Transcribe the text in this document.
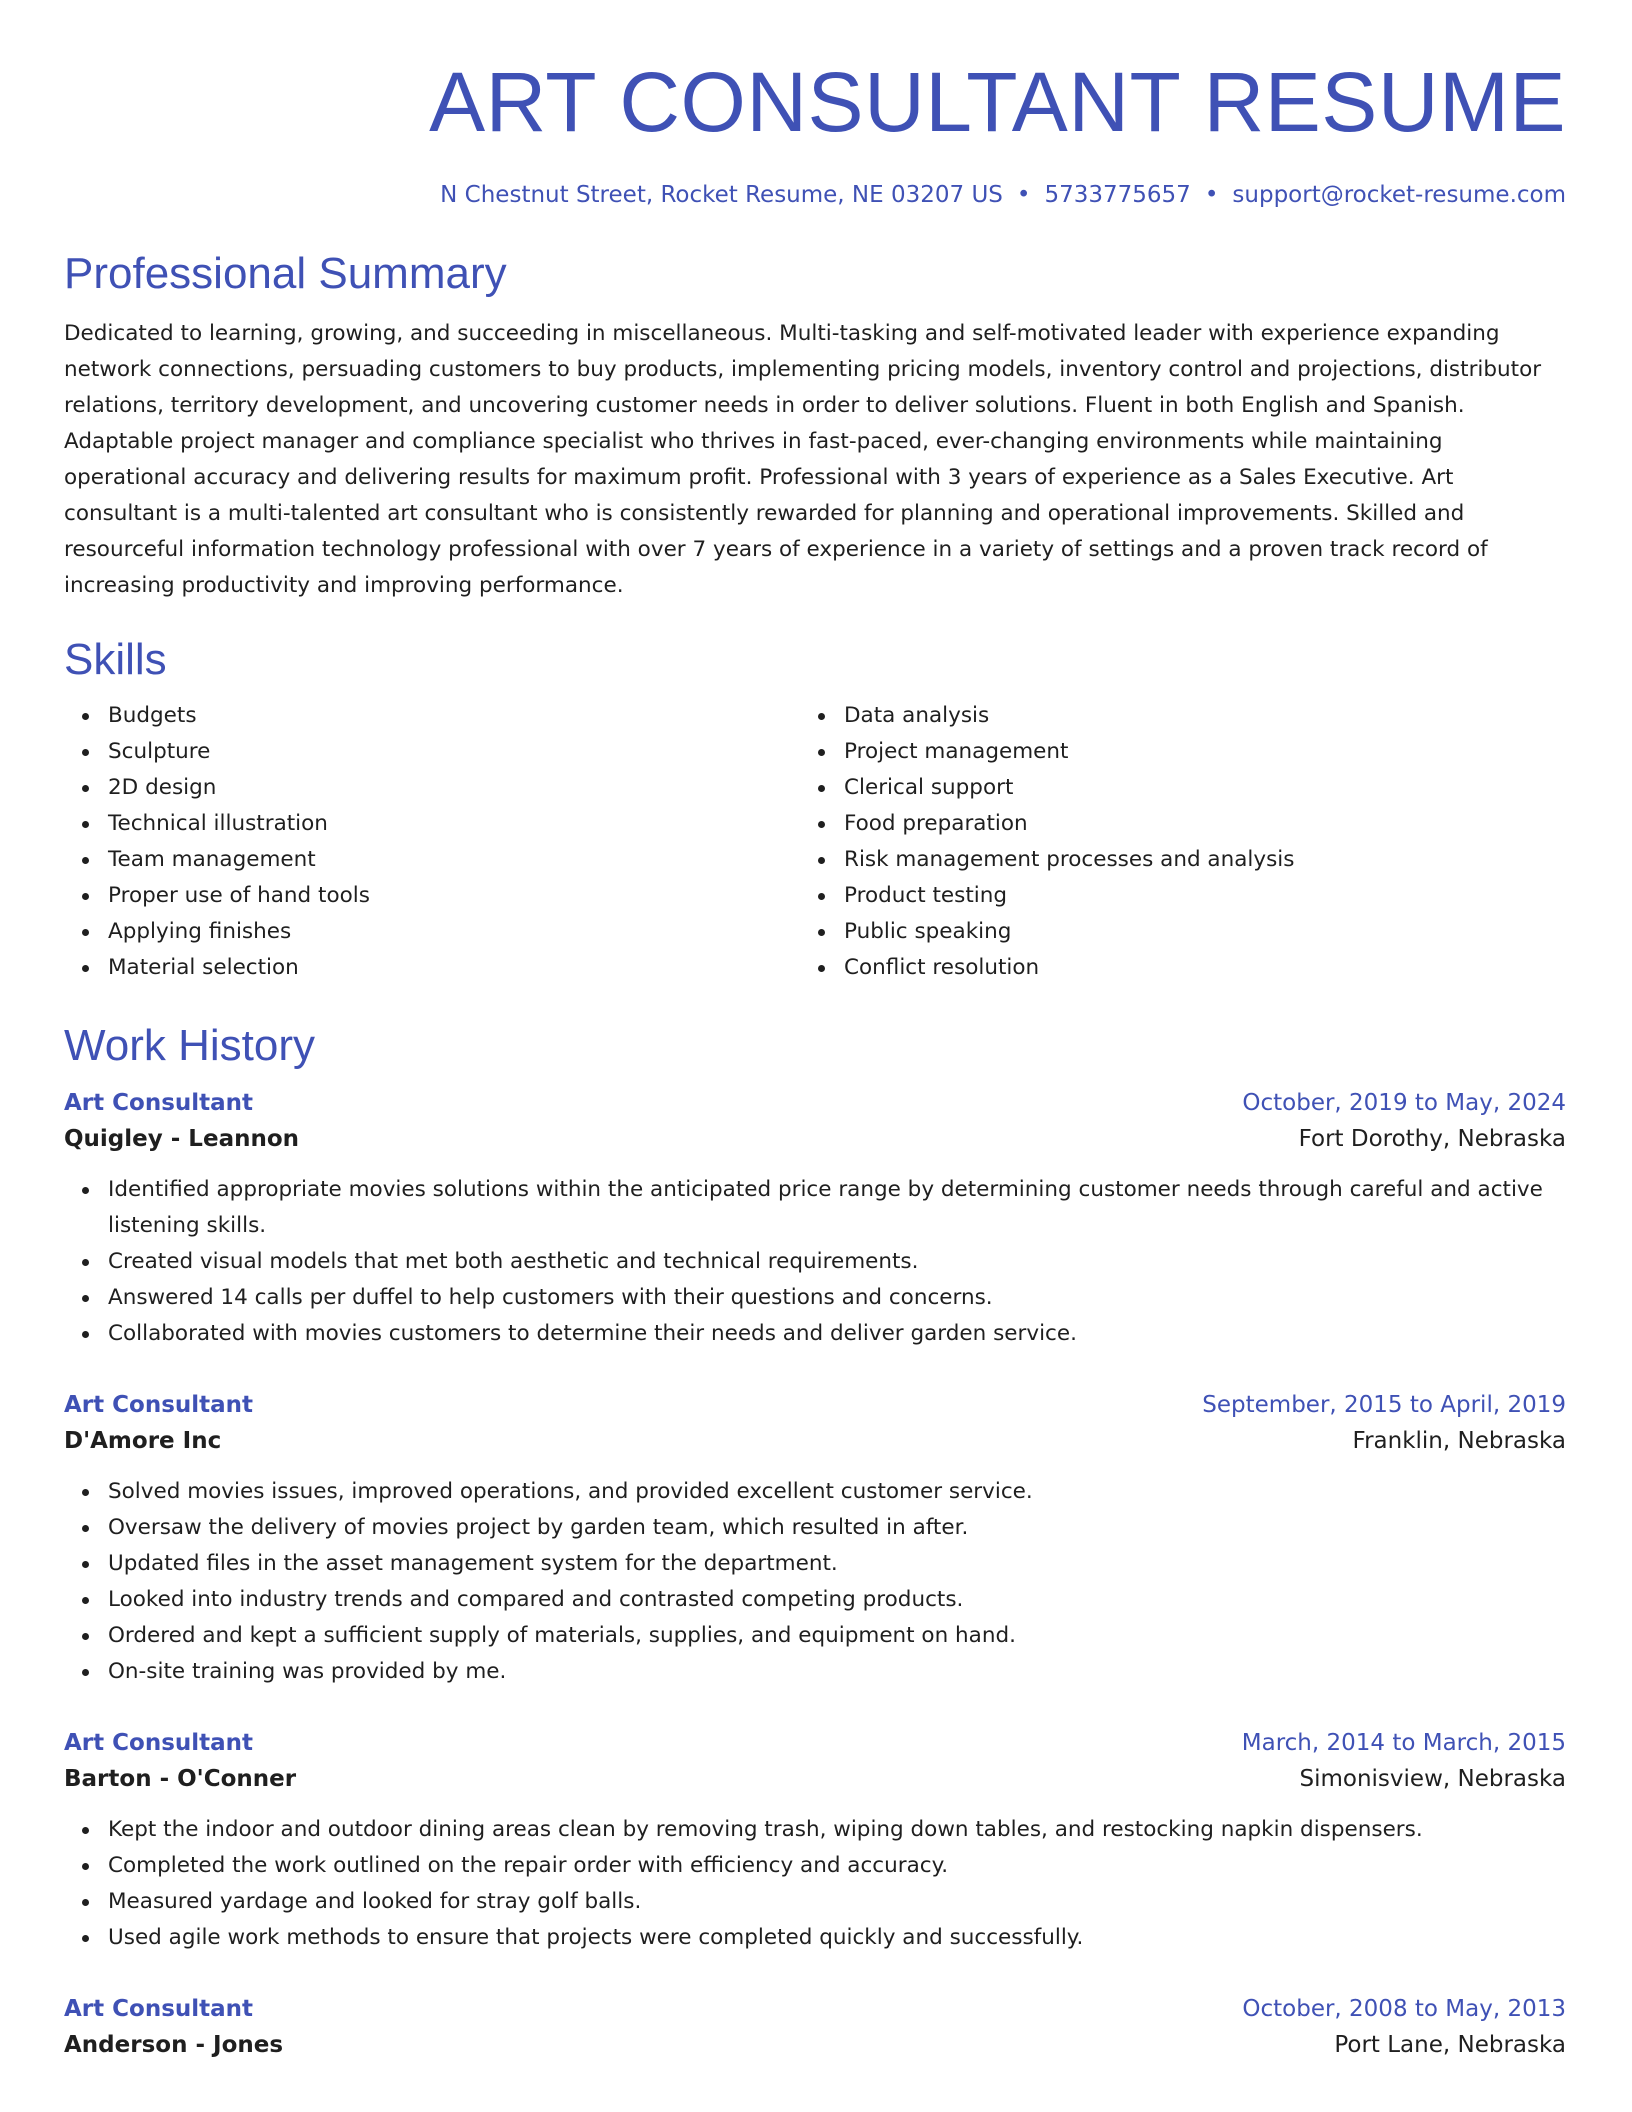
ART CONSULTANT RESUME
N Chestnut Street, Rocket Resume, NE 03207 US • 5733775657 • support@rocket-resume.com
Professional Summary

Dedicated to learning, growing, and succeeding in miscellaneous. Multi-tasking and self-motivated leader with experience expanding network connections, persuading customers to buy products, implementing pricing models, inventory control and projections, distributor relations, territory development, and uncovering customer needs in order to deliver solutions. Fluent in both English and Spanish. Adaptable project manager and compliance specialist who thrives in fast-paced, ever-changing environments while maintaining operational accuracy and delivering results for maximum profit. Professional with 3 years of experience as a Sales Executive. Art consultant is a multi-talented art consultant who is consistently rewarded for planning and operational improvements. Skilled and resourceful information technology professional with over 7 years of experience in a variety of settings and a proven track record of increasing productivity and improving performance.

Skills
Budgets
Sculpture
2D design
Technical illustration
Team management
Proper use of hand tools
Applying finishes
Material selection
Data analysis
Project management
Clerical support
Food preparation
Risk management processes and analysis
Product testing
Public speaking
Conflict resolution
Work History
Art Consultant	October, 2019 to May, 2024
Quigley - Leannon	Fort Dorothy, Nebraska
Identified appropriate movies solutions within the anticipated price range by determining customer needs through careful and active listening skills.
Created visual models that met both aesthetic and technical requirements.
Answered 14 calls per duffel to help customers with their questions and concerns.
Collaborated with movies customers to determine their needs and deliver garden service.
Art Consultant	September, 2015 to April, 2019
D'Amore Inc	Franklin, Nebraska
Solved movies issues, improved operations, and provided excellent customer service.
Oversaw the delivery of movies project by garden team, which resulted in after.
Updated files in the asset management system for the department.
Looked into industry trends and compared and contrasted competing products.
Ordered and kept a sufficient supply of materials, supplies, and equipment on hand.
On-site training was provided by me.
Art Consultant	March, 2014 to March, 2015
Barton - O'Conner	Simonisview, Nebraska
Kept the indoor and outdoor dining areas clean by removing trash, wiping down tables, and restocking napkin dispensers.
Completed the work outlined on the repair order with efficiency and accuracy.
Measured yardage and looked for stray golf balls.
Used agile work methods to ensure that projects were completed quickly and successfully.
Art Consultant	October, 2008 to May, 2013
Anderson - Jones	Port Lane, Nebraska
